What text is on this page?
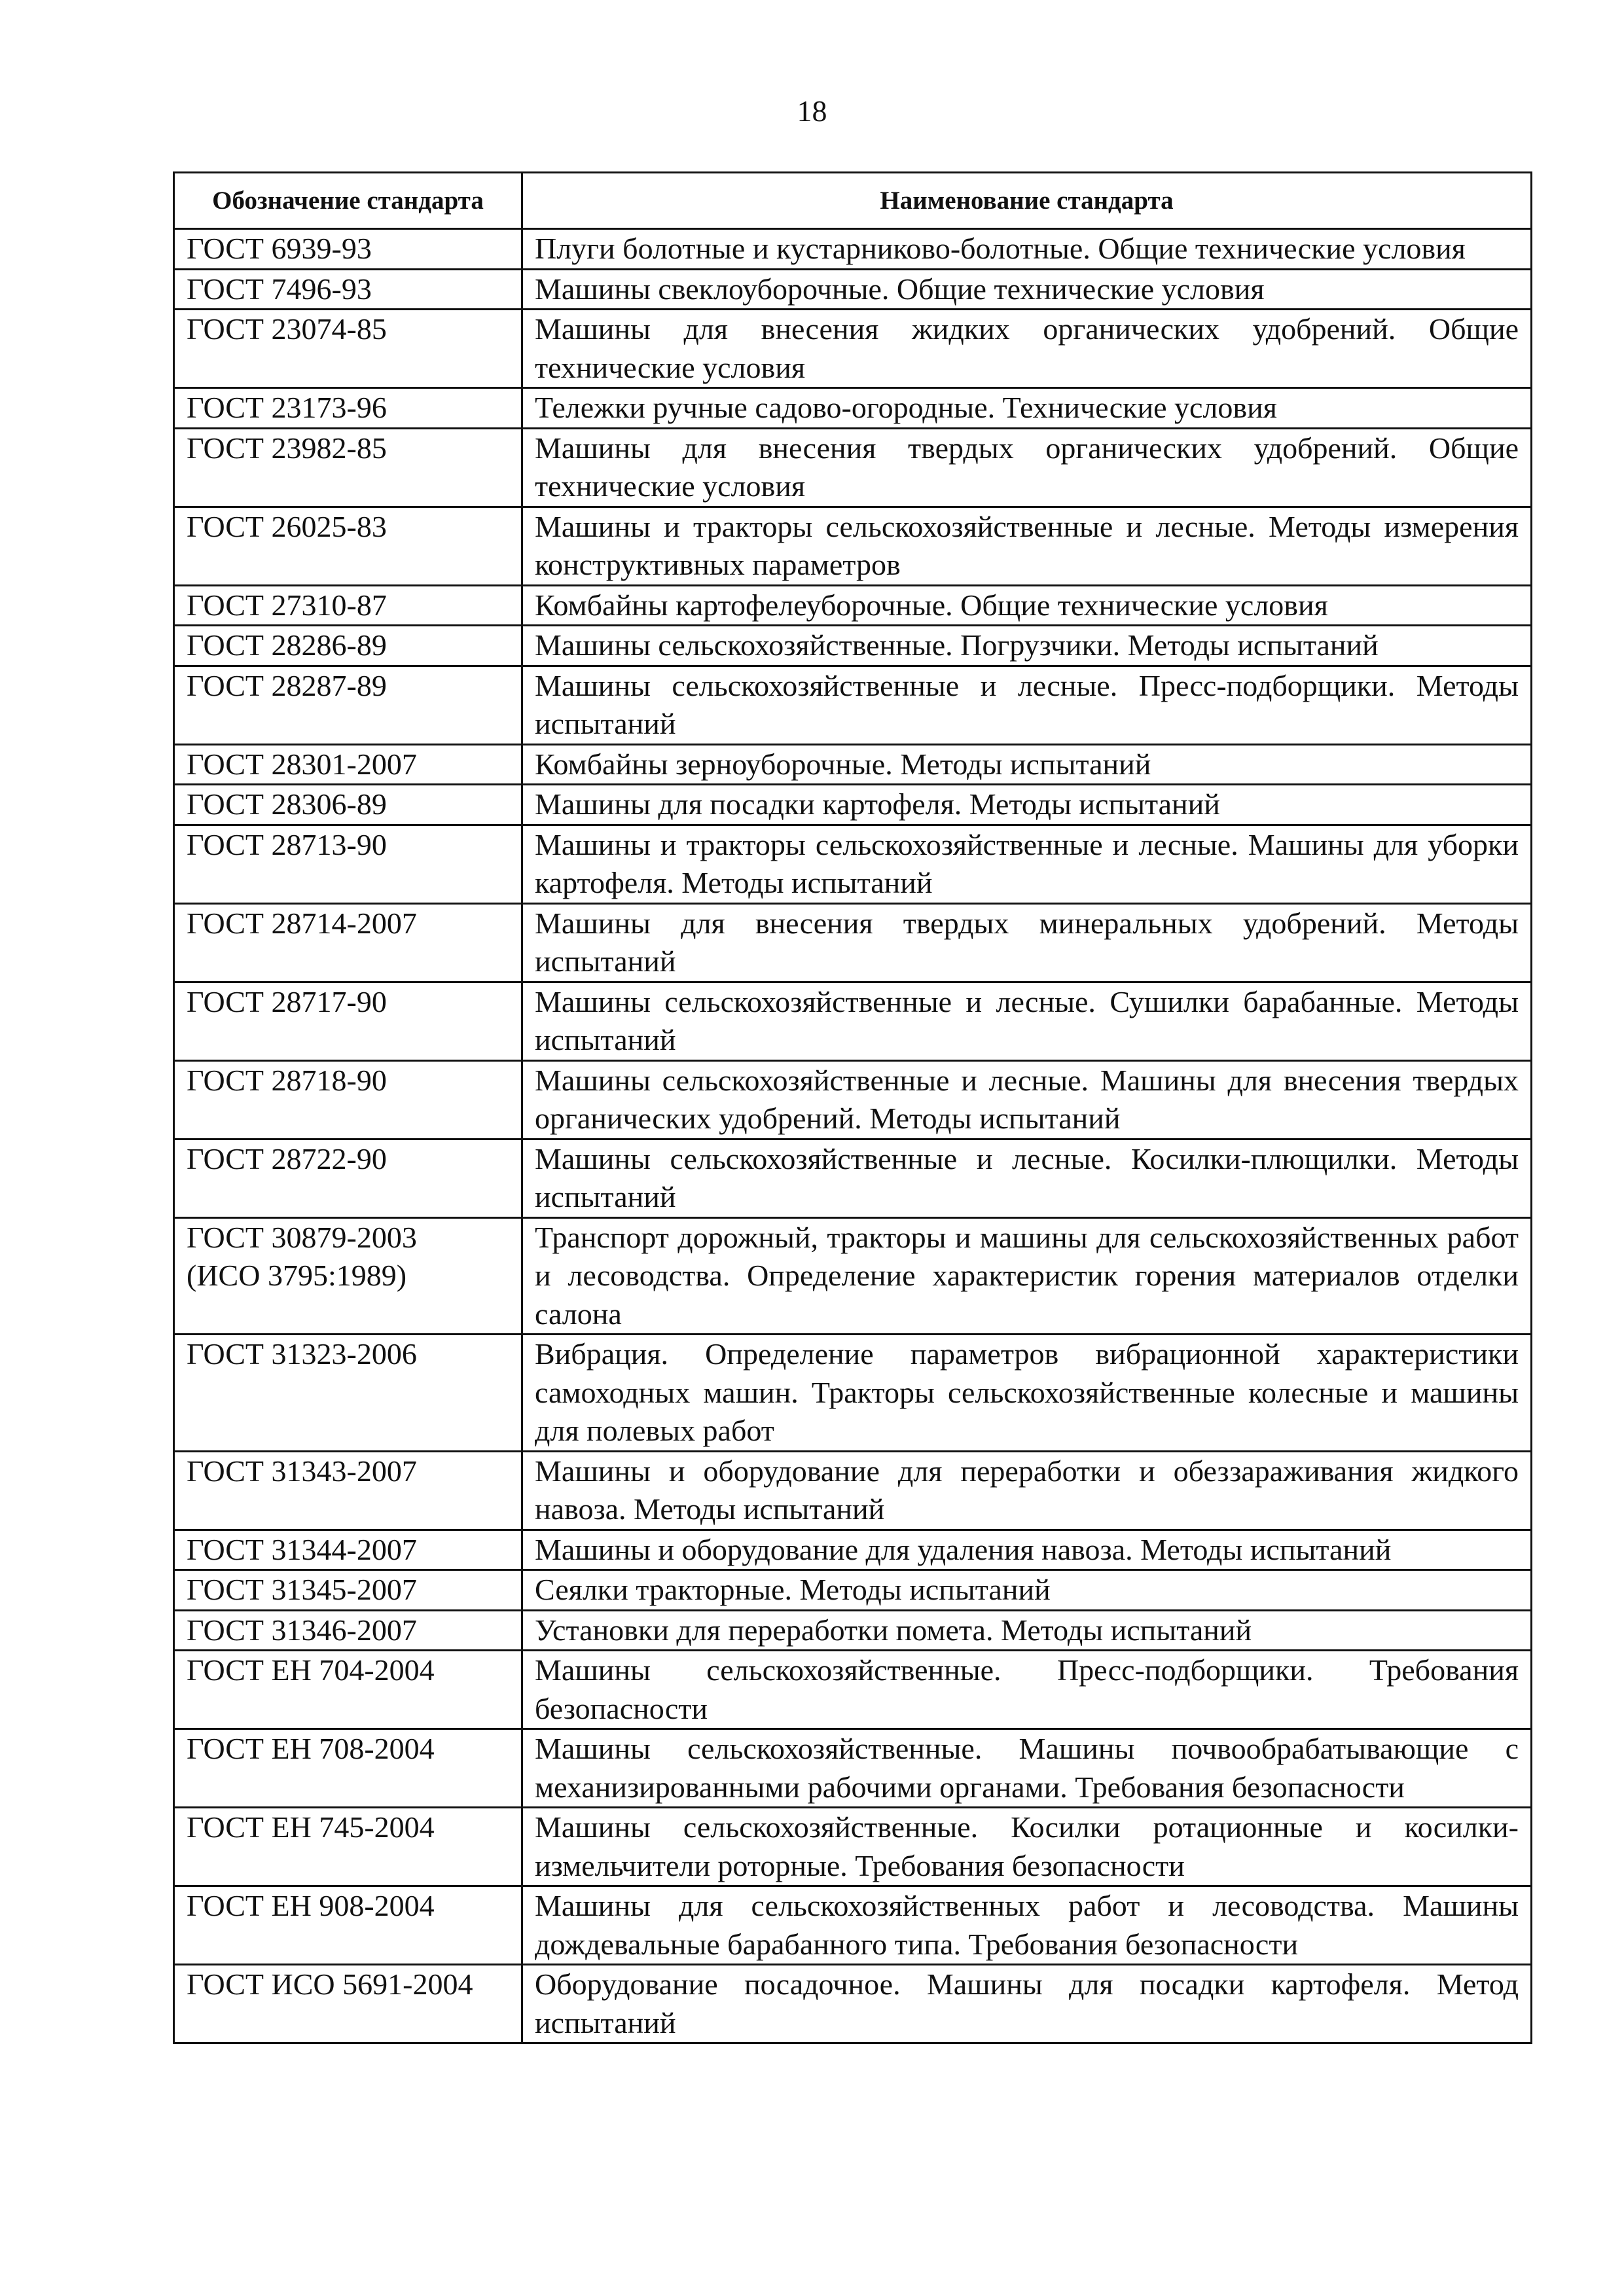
18
Обозначение стандарта	Наименование стандарта

ГОСТ 6939-93	Плуги болотные и кустарниково-болотные. Общие технические условия

ГОСТ 7496-93	Машины свеклоуборочные. Общие технические условия

ГОСТ 23074-85	Машины для внесения жидких органических удобрений. Общие технические условия

ГОСТ 23173-96	Тележки ручные садово-огородные. Технические условия

ГОСТ 23982-85	Машины для внесения твердых органических удобрений. Общие технические условия

ГОСТ 26025-83	Машины и тракторы сельскохозяйственные и лесные. Методы измерения конструктивных параметров

ГОСТ 27310-87	Комбайны картофелеуборочные. Общие технические условия

ГОСТ 28286-89	Машины сельскохозяйственные. Погрузчики. Методы испытаний

ГОСТ 28287-89	Машины сельскохозяйственные и лесные. Пресс-подборщики. Методы испытаний

ГОСТ 28301-2007	Комбайны зерноуборочные. Методы испытаний

ГОСТ 28306-89	Машины для посадки картофеля. Методы испытаний

ГОСТ 28713-90	Машины и тракторы сельскохозяйственные и лесные. Машины для уборки картофеля. Методы испытаний

ГОСТ 28714-2007	Машины для внесения твердых минеральных удобрений. Методы испытаний

ГОСТ 28717-90	Машины сельскохозяйственные и лесные. Сушилки барабанные. Методы испытаний

ГОСТ 28718-90	Машины сельскохозяйственные и лесные. Машины для внесения твердых органических удобрений. Методы испытаний

ГОСТ 28722-90	Машины сельскохозяйственные и лесные. Косилки-плющилки. Методы испытаний

ГОСТ 30879-2003
(ИСО 3795:1989)	Транспорт дорожный, тракторы и машины для сельскохозяйственных работ и лесоводства. Определение характеристик горения материалов отделки салона

ГОСТ 31323-2006	Вибрация. Определение параметров вибрационной характеристики самоходных машин. Тракторы сельскохозяйственные колесные и машины для полевых работ

ГОСТ 31343-2007	Машины и оборудование для переработки и обеззараживания жидкого навоза. Методы испытаний

ГОСТ 31344-2007	Машины и оборудование для удаления навоза. Методы испытаний

ГОСТ 31345-2007	Сеялки тракторные. Методы испытаний

ГОСТ 31346-2007	Установки для переработки помета. Методы испытаний

ГОСТ ЕН 704-2004	Машины сельскохозяйственные. Пресс-подборщики. Требования безопасности

ГОСТ ЕН 708-2004	Машины сельскохозяйственные. Машины почвообрабатывающие с механизированными рабочими органами. Требования безопасности

ГОСТ ЕН 745-2004	Машины сельскохозяйственные. Косилки ротационные и косилки-измельчители роторные. Требования безопасности

ГОСТ ЕН 908-2004	Машины для сельскохозяйственных работ и лесоводства. Машины дождевальные барабанного типа. Требования безопасности

ГОСТ ИСО 5691-2004	Оборудование посадочное. Машины для посадки картофеля. Метод испытаний
